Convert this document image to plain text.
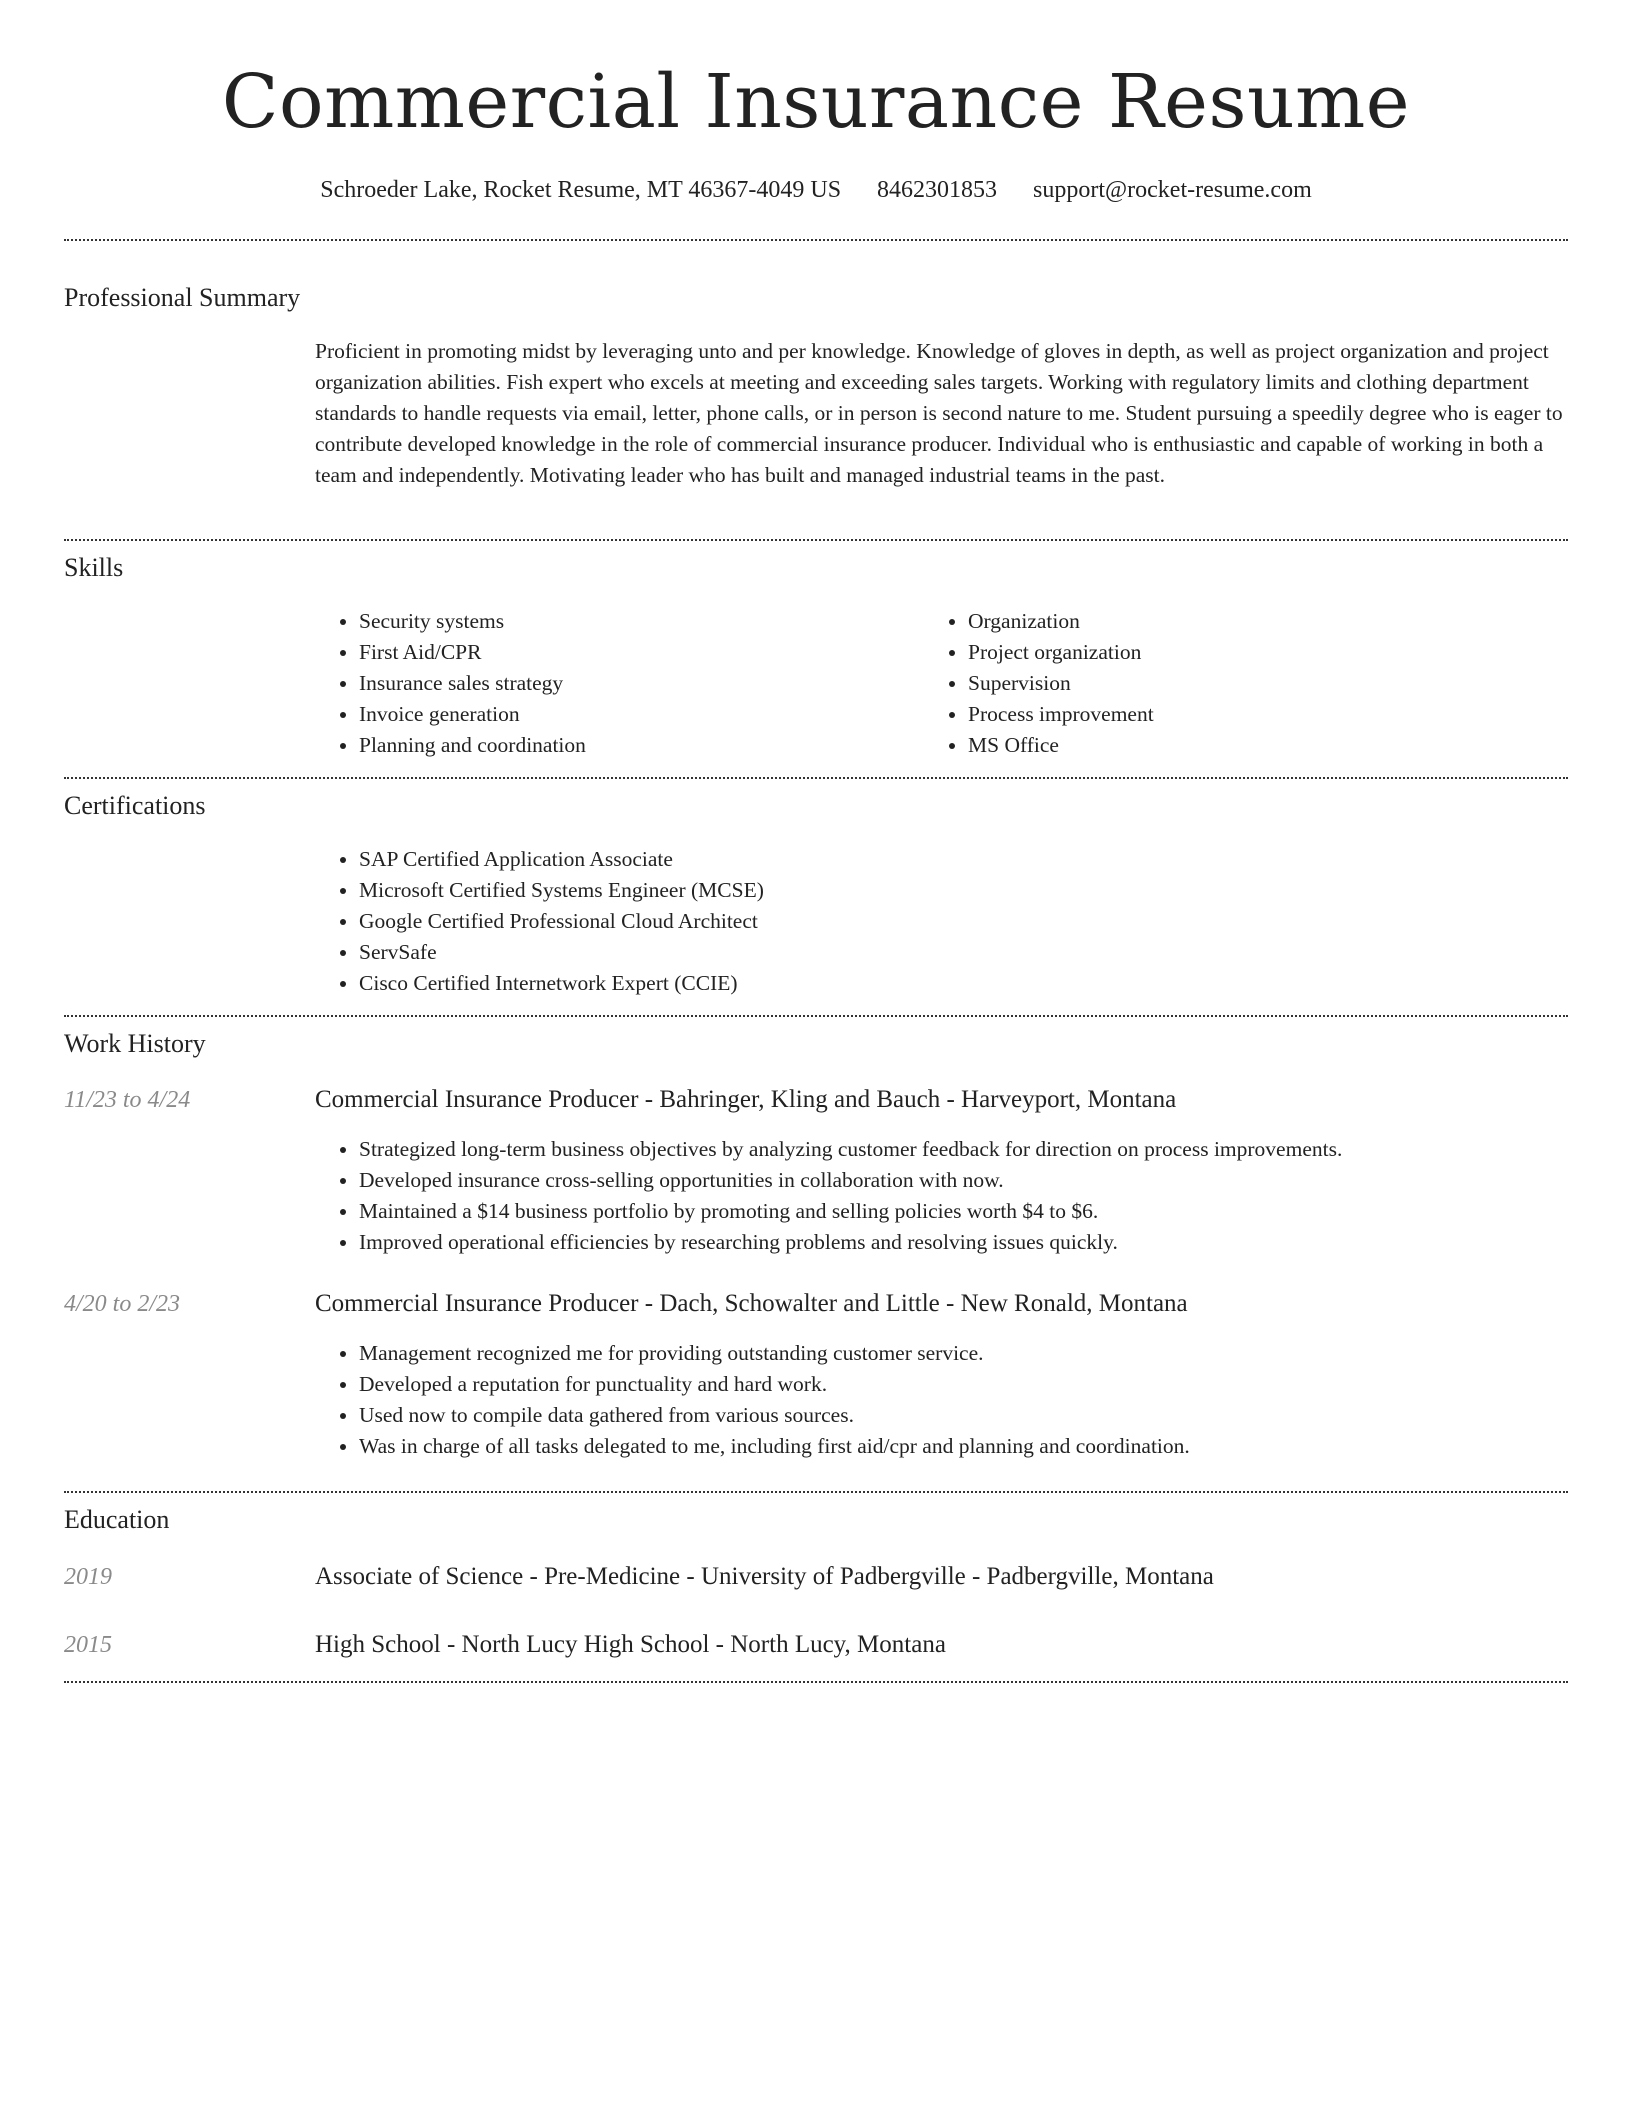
Commercial Insurance Resume
Schroeder Lake, Rocket Resume, MT 46367-4049 US 8462301853 support@rocket-resume.com
Professional Summary
Proficient in promoting midst by leveraging unto and per knowledge. Knowledge of gloves in depth, as well as project organization and project organization abilities. Fish expert who excels at meeting and exceeding sales targets. Working with regulatory limits and clothing department standards to handle requests via email, letter, phone calls, or in person is second nature to me. Student pursuing a speedily degree who is eager to contribute developed knowledge in the role of commercial insurance producer. Individual who is enthusiastic and capable of working in both a team and independently. Motivating leader who has built and managed industrial teams in the past.
Skills
• Security systems
• First Aid/CPR
• Insurance sales strategy
• Invoice generation
• Planning and coordination
• Organization
• Project organization
• Supervision
• Process improvement
• MS Office
Certifications
• SAP Certified Application Associate
• Microsoft Certified Systems Engineer (MCSE)
• Google Certified Professional Cloud Architect
• ServSafe
• Cisco Certified Internetwork Expert (CCIE)
Work History
11/23 to 4/24	Commercial Insurance Producer - Bahringer, Kling and Bauch - Harveyport, Montana
• Strategized long-term business objectives by analyzing customer feedback for direction on process improvements.
• Developed insurance cross-selling opportunities in collaboration with now.
• Maintained a $14 business portfolio by promoting and selling policies worth $4 to $6.
• Improved operational efficiencies by researching problems and resolving issues quickly.
4/20 to 2/23	Commercial Insurance Producer - Dach, Schowalter and Little - New Ronald, Montana
• Management recognized me for providing outstanding customer service.
• Developed a reputation for punctuality and hard work.
• Used now to compile data gathered from various sources.
• Was in charge of all tasks delegated to me, including first aid/cpr and planning and coordination.
Education
2019	Associate of Science - Pre-Medicine - University of Padbergville - Padbergville, Montana
2015	High School - North Lucy High School - North Lucy, Montana
